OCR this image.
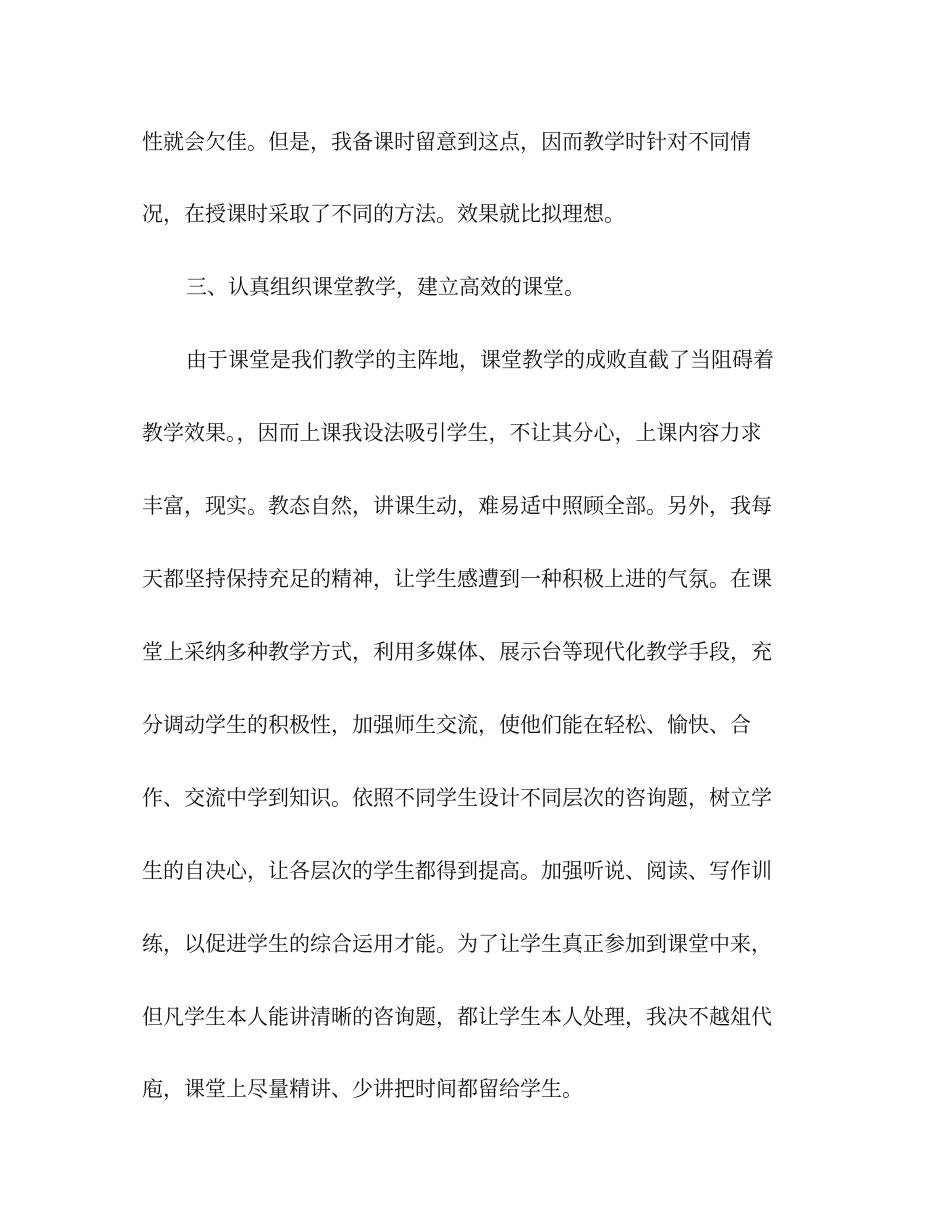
性就会欠佳。但是，我备课时留意到这点，因而教学时针对不同情
况，在授课时采取了不同的方法。效果就比拟理想。
三、认真组织课堂教学，建立高效的课堂。
由于课堂是我们教学的主阵地，课堂教学的成败直截了当阻碍着
教学效果。，因而上课我设法吸引学生，不让其分心，上课内容力求
丰富，现实。教态自然，讲课生动，难易适中照顾全部。另外，我每
天都坚持保持充足的精神，让学生感遭到一种积极上进的气氛。在课
堂上采纳多种教学方式，利用多媒体、展示台等现代化教学手段，充
分调动学生的积极性，加强师生交流，使他们能在轻松、愉快、合
作、交流中学到知识。依照不同学生设计不同层次的咨询题，树立学
生的自决心，让各层次的学生都得到提高。加强听说、阅读、写作训
练，以促进学生的综合运用才能。为了让学生真正参加到课堂中来，
但凡学生本人能讲清晰的咨询题，都让学生本人处理，我决不越俎代
庖，课堂上尽量精讲、少讲把时间都留给学生。
